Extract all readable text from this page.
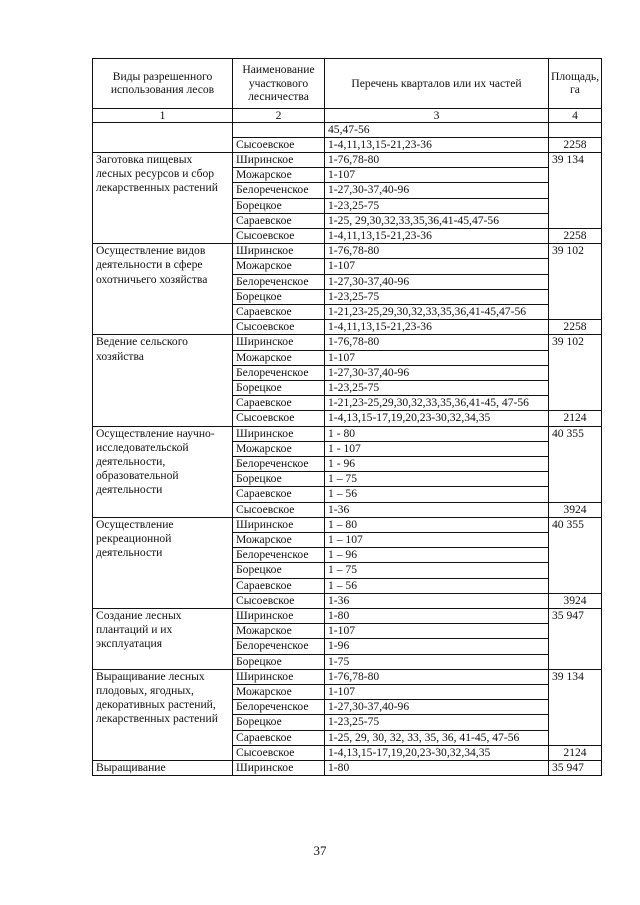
Виды разрешенного использования лесов	Наименование участкового лесничества	Перечень кварталов или их частей	Площадь, га
1	2	3	4
		45,47-56	
	Сысоевское	1-4,11,13,15-21,23-36	2258
Заготовка пищевых лесных ресурсов и сбор лекарственных растений	Ширинское	1-76,78-80	39 134
	Можарское	1-107	
	Белореченское	1-27,30-37,40-96	
	Борецкое	1-23,25-75	
	Сараевское	1-25, 29,30,32,33,35,36,41-45,47-56	
	Сысоевское	1-4,11,13,15-21,23-36	2258
Осуществление видов деятельности в сфере охотничьего хозяйства	Ширинское	1-76,78-80	39 102
	Можарское	1-107	
	Белореченское	1-27,30-37,40-96	
	Борецкое	1-23,25-75	
	Сараевское	1-21,23-25,29,30,32,33,35,36,41-45,47-56	
	Сысоевское	1-4,11,13,15-21,23-36	2258
Ведение сельского хозяйства	Ширинское	1-76,78-80	39 102
	Можарское	1-107	
	Белореченское	1-27,30-37,40-96	
	Борецкое	1-23,25-75	
	Сараевское	1-21,23-25,29,30,32,33,35,36,41-45, 47-56	
	Сысоевское	1-4,13,15-17,19,20,23-30,32,34,35	2124
Осуществление научно-исследовательской деятельности, образовательной деятельности	Ширинское	1 - 80	40 355
	Можарское	1 - 107	
	Белореченское	1 - 96	
	Борецкое	1 – 75	
	Сараевское	1 – 56	
	Сысоевское	1-36	3924
Осуществление рекреационной деятельности	Ширинское	1 – 80	40 355
	Можарское	1 – 107	
	Белореченское	1 – 96	
	Борецкое	1 – 75	
	Сараевское	1 – 56	
	Сысоевское	1-36	3924
Создание лесных плантаций и их эксплуатация	Ширинское	1-80	35 947
	Можарское	1-107	
	Белореченское	1-96	
	Борецкое	1-75	
Выращивание лесных плодовых, ягодных, декоративных растений, лекарственных растений	Ширинское	1-76,78-80	39 134
	Можарское	1-107	
	Белореченское	1-27,30-37,40-96	
	Борецкое	1-23,25-75	
	Сараевское	1-25, 29, 30, 32, 33, 35, 36, 41-45, 47-56	
	Сысоевское	1-4,13,15-17,19,20,23-30,32,34,35	2124
Выращивание	Ширинское	1-80	35 947
37
